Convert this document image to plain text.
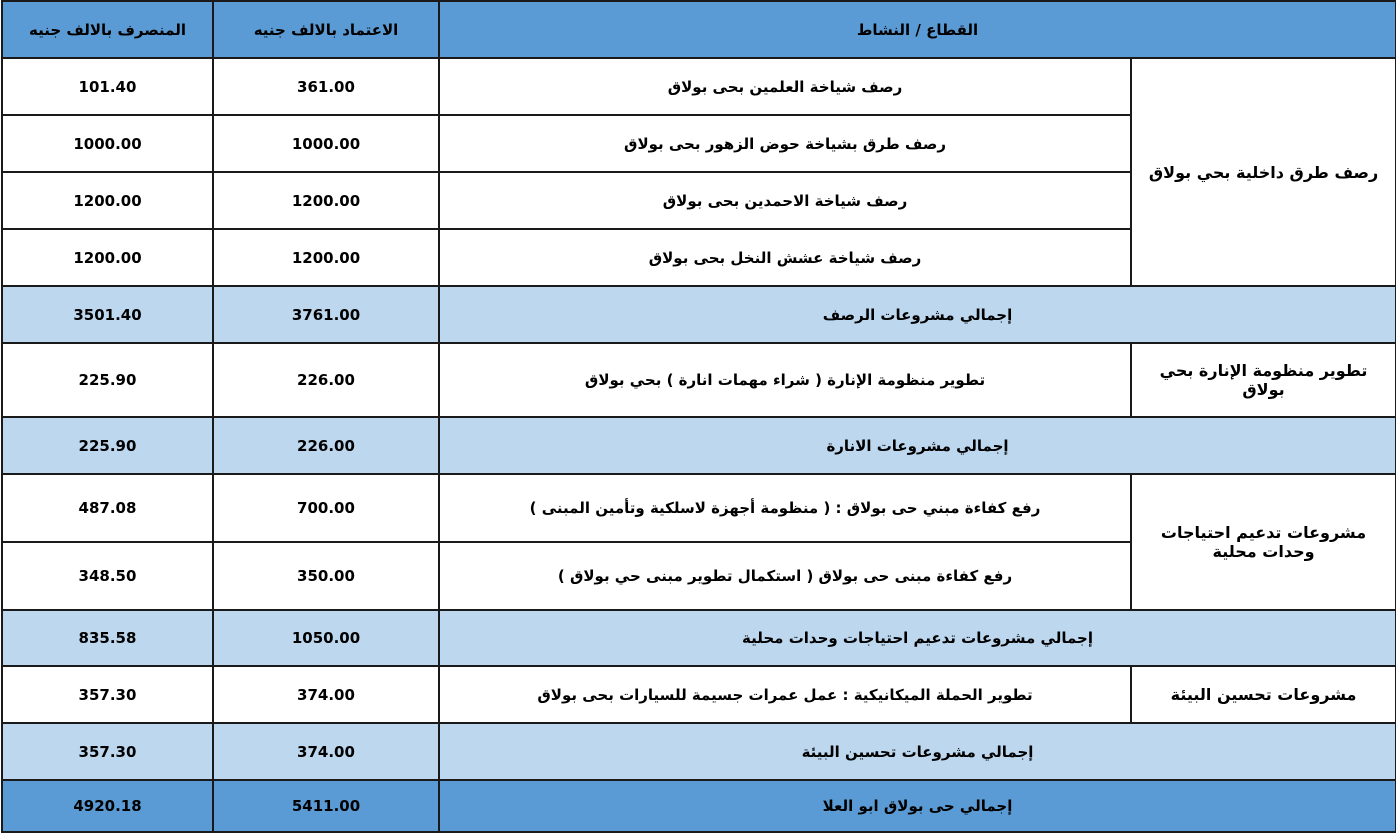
القطاع / النشاط		الاعتماد بالالف جنيه	المنصرف بالالف جنيه
رصف طرق داخلية بحي بولاق	رصف شياخة العلمين بحى بولاق	361.00	101.40
	رصف طرق بشياخة حوض الزهور بحى بولاق	1000.00	1000.00
	رصف شياخة الاحمدين بحى بولاق	1200.00	1200.00
	رصف شياخة عشش النخل بحى بولاق	1200.00	1200.00
إجمالي مشروعات الرصف		3761.00	3501.40
تطوير منظومة الإنارة بحي بولاق	تطوير منظومة الإنارة ( شراء مهمات انارة ) بحي بولاق	226.00	225.90
إجمالي مشروعات الانارة		226.00	225.90
مشروعات تدعيم احتياجات وحدات محلية	رفع كفاءة مبني حى بولاق : ( منظومة أجهزة لاسلكية وتأمين المبنى )	700.00	487.08
	رفع كفاءة مبنى حى بولاق ( استكمال تطوير مبنى حي بولاق )	350.00	348.50
إجمالي مشروعات تدعيم احتياجات وحدات محلية		1050.00	835.58
مشروعات تحسين البيئة	تطوير الحملة الميكانيكية : عمل عمرات جسيمة للسيارات بحى بولاق	374.00	357.30
إجمالي مشروعات تحسين البيئة		374.00	357.30
إجمالي حى بولاق ابو العلا		5411.00	4920.18
